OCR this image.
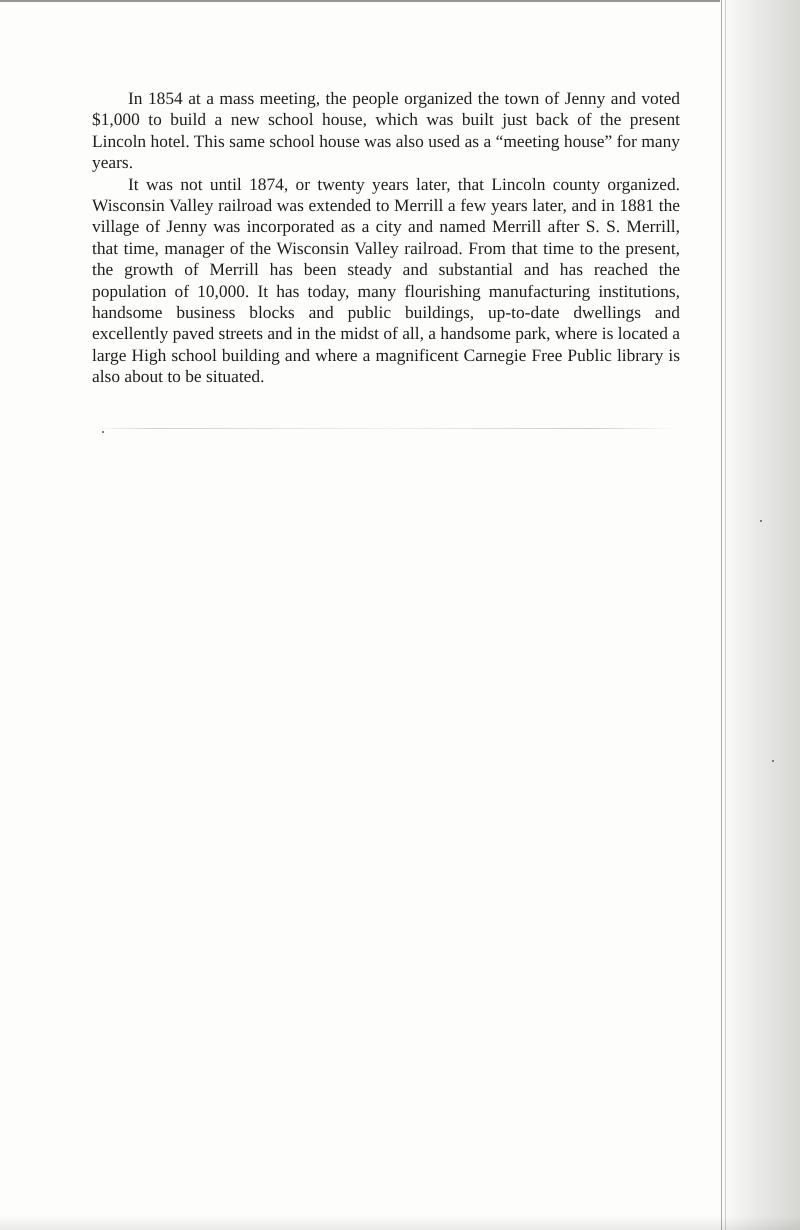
In 1854 at a mass meeting, the people organized the town of Jenny and voted $1,000 to build a new school house, which was built just back of the present Lincoln hotel. This same school house was also used as a “meeting house” for many years.

It was not until 1874, or twenty years later, that Lincoln county organized. Wisconsin Valley railroad was extended to Merrill a few years later, and in 1881 the village of Jenny was incorporated as a city and named Merrill after S. S. Merrill, that time, manager of the Wisconsin Valley railroad. From that time to the present, the growth of Merrill has been steady and substantial and has reached the population of 10,000. It has today, many flourishing manufacturing institutions, handsome business blocks and public buildings, up-to-date dwellings and excellently paved streets and in the midst of all, a handsome park, where is located a large High school building and where a magnificent Carnegie Free Public library is also about to be situated.
